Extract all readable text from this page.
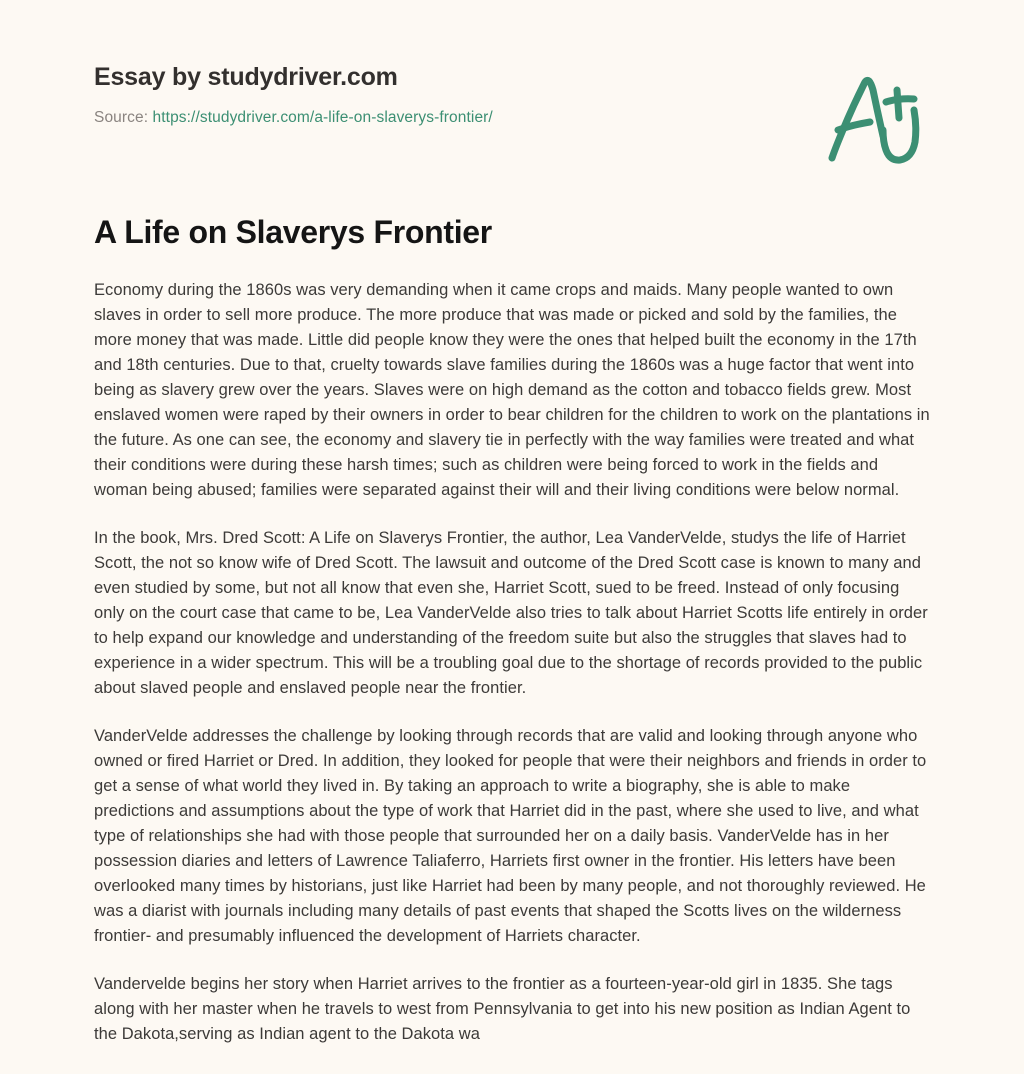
Essay by studydriver.com
Source: https://studydriver.com/a-life-on-slaverys-frontier/
A Life on Slaverys Frontier

Economy during the 1860s was very demanding when it came crops and maids. Many people wanted to own slaves in order to sell more produce. The more produce that was made or picked and sold by the families, the more money that was made. Little did people know they were the ones that helped built the economy in the 17th and 18th centuries. Due to that, cruelty towards slave families during the 1860s was a huge factor that went into being as slavery grew over the years. Slaves were on high demand as the cotton and tobacco fields grew. Most enslaved women were raped by their owners in order to bear children for the children to work on the plantations in the future. As one can see, the economy and slavery tie in perfectly with the way families were treated and what their conditions were during these harsh times; such as children were being forced to work in the fields and woman being abused; families were separated against their will and their living conditions were below normal.

In the book, Mrs. Dred Scott: A Life on Slaverys Frontier, the author, Lea VanderVelde, studys the life of Harriet Scott, the not so know wife of Dred Scott. The lawsuit and outcome of the Dred Scott case is known to many and even studied by some, but not all know that even she, Harriet Scott, sued to be freed. Instead of only focusing only on the court case that came to be, Lea VanderVelde also tries to talk about Harriet Scotts life entirely in order to help expand our knowledge and understanding of the freedom suite but also the struggles that slaves had to experience in a wider spectrum. This will be a troubling goal due to the shortage of records provided to the public about slaved people and enslaved people near the frontier.

VanderVelde addresses the challenge by looking through records that are valid and looking through anyone who owned or fired Harriet or Dred. In addition, they looked for people that were their neighbors and friends in order to get a sense of what world they lived in. By taking an approach to write a biography, she is able to make predictions and assumptions about the type of work that Harriet did in the past, where she used to live, and what type of relationships she had with those people that surrounded her on a daily basis. VanderVelde has in her possession diaries and letters of Lawrence Taliaferro, Harriets first owner in the frontier. His letters have been overlooked many times by historians, just like Harriet had been by many people, and not thoroughly reviewed. He was a diarist with journals including many details of past events that shaped the Scotts lives on the wilderness frontier- and presumably influenced the development of Harriets character.

Vandervelde begins her story when Harriet arrives to the frontier as a fourteen-year-old girl in 1835. She tags along with her master when he travels to west from Pennsylvania to get into his new position as Indian Agent to the Dakota,serving as Indian agent to the Dakota wa
